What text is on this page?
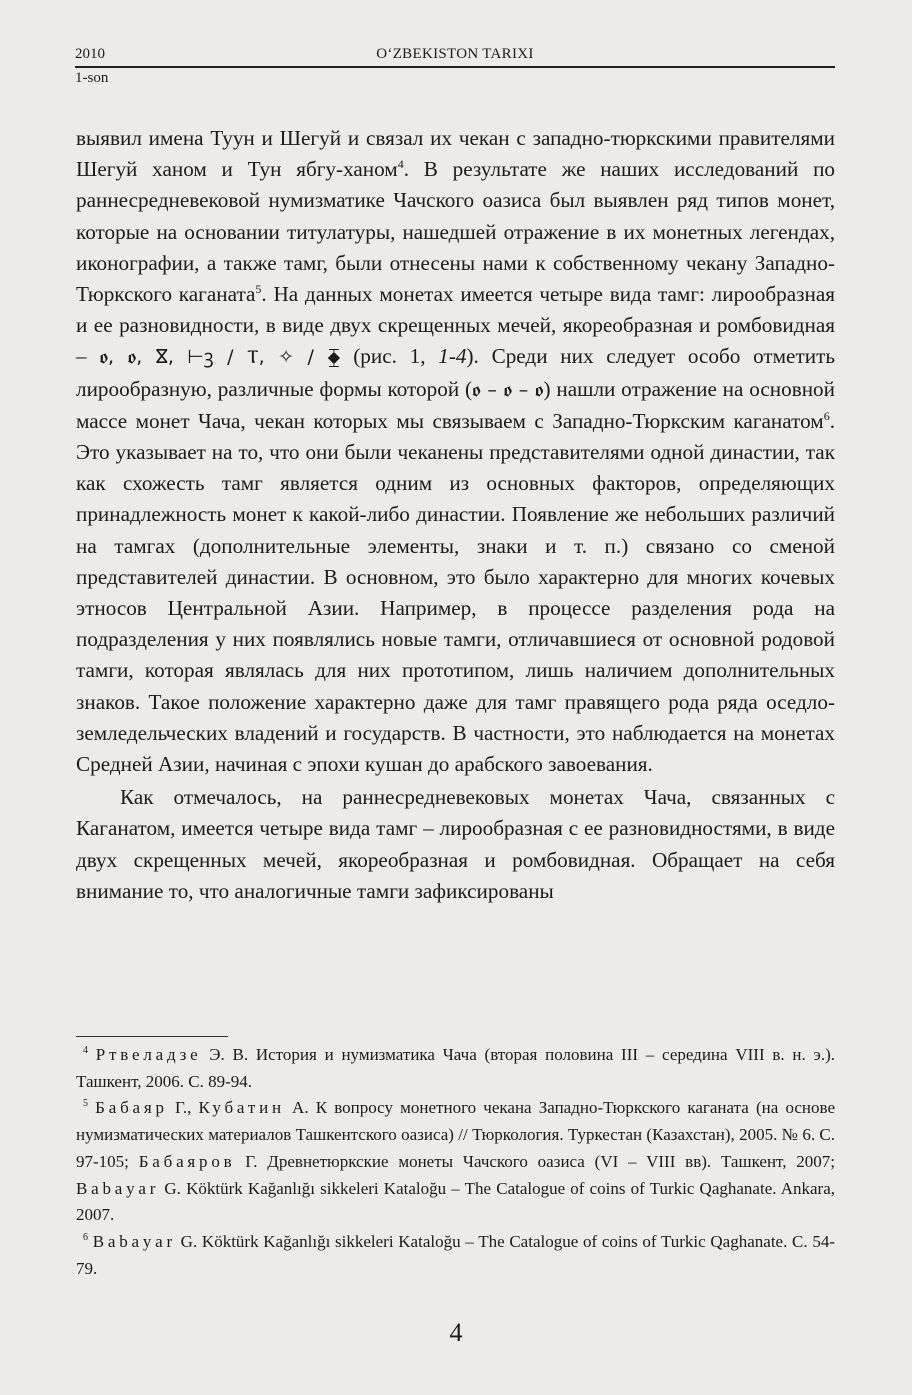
2010	O‘ZBEKISTON TARIXI
1-son

выявил имена Туун и Шегуй и связал их чекан с западно-тюркскими правителями Шегуй ханом и Тун ябгу-ханом$^4$. В результате же наших исследований по раннесредневековой нумизматике Чачского оазиса был выявлен ряд типов монет, которые на основании титулатуры, нашедшей отражение в их монетных легендах, иконографии, а также тамг, были отнесены нами к собственному чекану Западно-Тюркского каганата$^5$. На данных монетах имеется четыре вида тамг: лирообразная и ее разновидности, в виде двух скрещенных мечей, якореобразная и ромбовидная – ꬽ, ꬽ, ⴵ, ⊢ꝫ / Ⲧ, ✧ / ⧱ (рис. 1, 1-4). Среди них следует особо отметить лирообразную, различные формы которой (ꬽ – ꬽ – ꬽ) нашли отражение на основной массе монет Чача, чекан которых мы связываем с Западно-Тюркским каганатом$^6$. Это указывает на то, что они были чеканены представителями одной династии, так как схожесть тамг является одним из основных факторов, определяющих принадлежность монет к какой-либо династии. Появление же небольших различий на тамгах (дополнительные элементы, знаки и т. п.) связано со сменой представителей династии. В основном, это было характерно для многих кочевых этносов Центральной Азии. Например, в процессе разделения рода на подразделения у них появлялись новые тамги, отличавшиеся от основной родовой тамги, которая являлась для них прототипом, лишь наличием дополнительных знаков. Такое положение характерно даже для тамг правящего рода ряда оседло-земледельческих владений и государств. В частности, это наблюдается на монетах Средней Азии, начиная с эпохи кушан до арабского завоевания.

Как отмечалось, на раннесредневековых монетах Чача, связанных с Каганатом, имеется четыре вида тамг – лирообразная с ее разновидностями, в виде двух скрещенных мечей, якореобразная и ромбовидная. Обращает на себя внимание то, что аналогичные тамги зафиксированы

$^4$ Ртвеладзе Э. В. История и нумизматика Чача (вторая половина III – середина VIII в. н. э.). Ташкент, 2006. С. 89-94.

$^5$ Бабаяр Г., Кубатин А. К вопросу монетного чекана Западно-Тюркского каганата (на основе нумизматических материалов Ташкентского оазиса) // Тюркология. Туркестан (Казахстан), 2005. № 6. С. 97-105; Бабаяров Г. Древнетюркские монеты Чачского оазиса (VI – VIII вв). Ташкент, 2007; Babayar G. Köktürk Kağanlığı sikkeleri Kataloğu – The Catalogue of coins of Turkic Qaghanate. Ankara, 2007.

$^6$ Babayar G. Köktürk Kağanlığı sikkeleri Kataloğu – The Catalogue of coins of Turkic Qaghanate. С. 54-79.

4
